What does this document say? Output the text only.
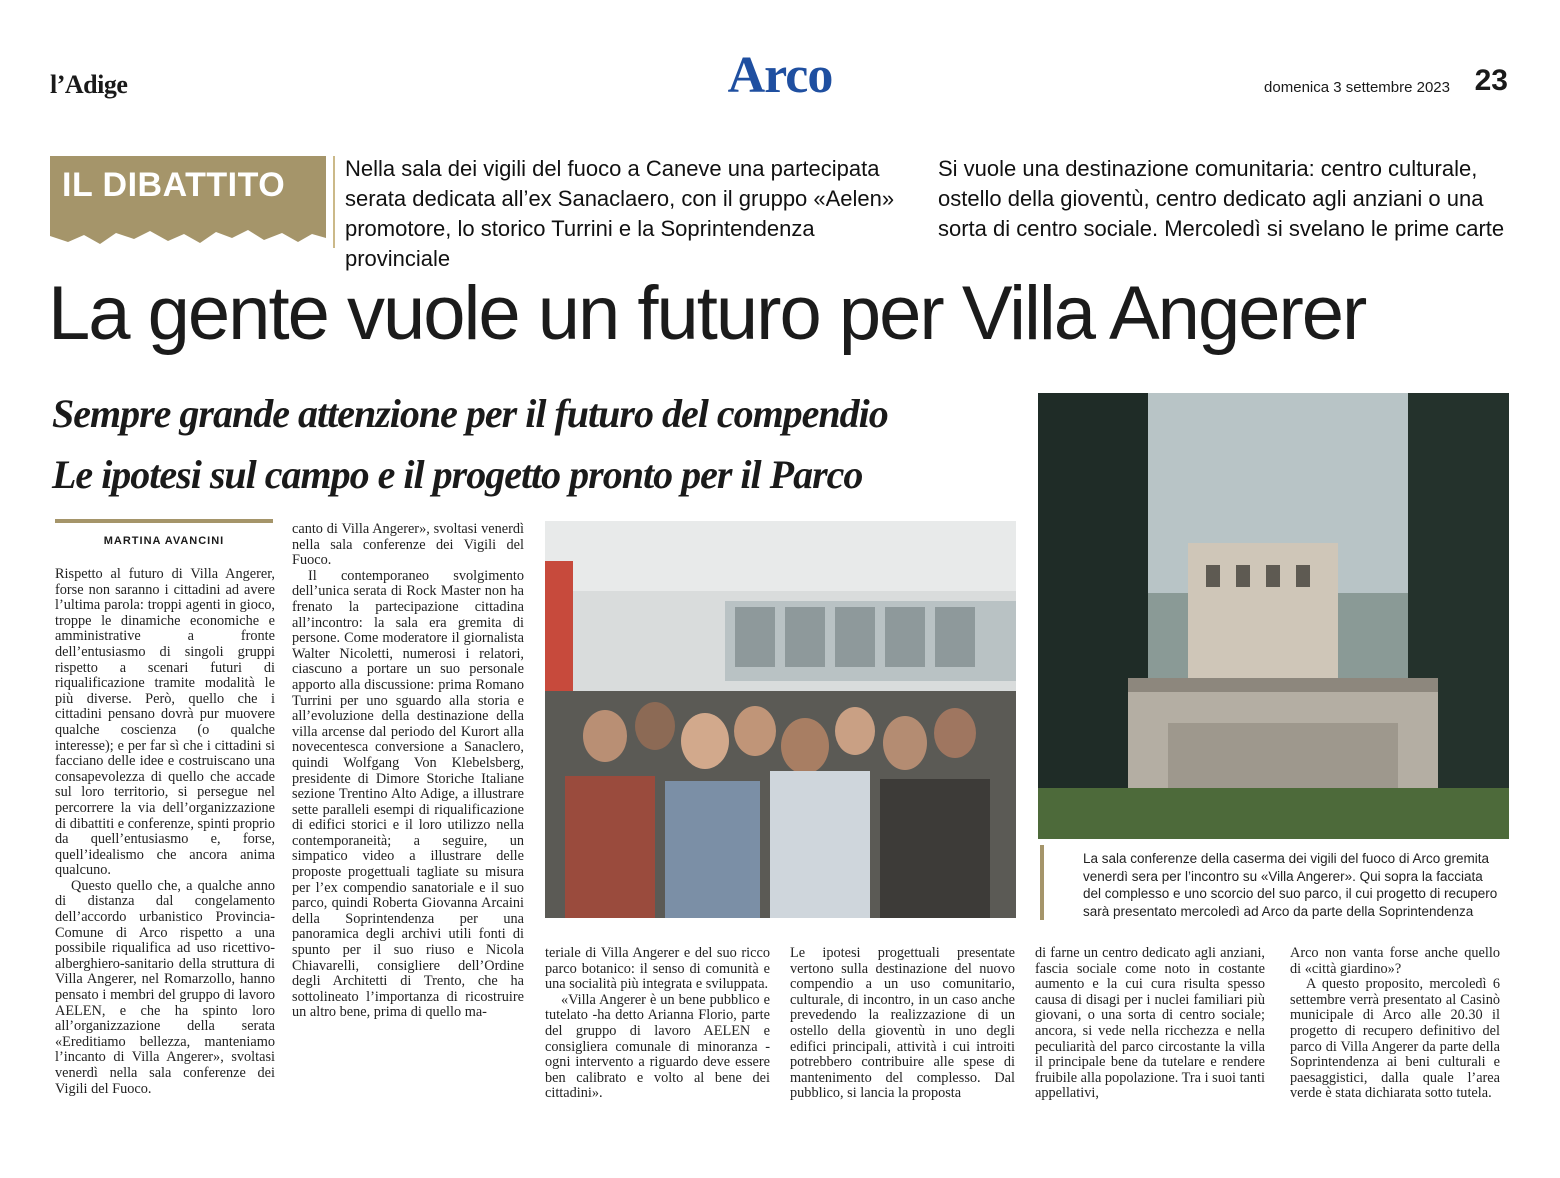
l’Adige	Arco	domenica 3 settembre 2023 23
IL DIBATTITO	Nella sala dei vigili del fuoco a Caneve una partecipata serata dedicata all’ex Sanaclaero, con il gruppo «Aelen» promotore, lo storico Turrini e la Soprintendenza provinciale
Si vuole una destinazione comunitaria: centro culturale, ostello della gioventù, centro dedicato agli anziani o una sorta di centro sociale. Mercoledì si svelano le prime carte
La gente vuole un futuro per Villa Angerer
Sempre grande attenzione per il futuro del compendio
Le ipotesi sul campo e il progetto pronto per il Parco
MARTINA AVANCINI

Rispetto al futuro di Villa Angerer, forse non saranno i cittadini ad avere l’ultima parola: troppi agenti in gioco, troppe le dinamiche economiche e amministrative a fronte dell’entusiasmo di singoli gruppi rispetto a scenari futuri di riqualificazione tramite modalità le più diverse. Però, quello che i cittadini pensano dovrà pur muovere qualche coscienza (o qualche interesse); e per far sì che i cittadini si facciano delle idee e costruiscano una consapevolezza di quello che accade sul loro territorio, si persegue nel percorrere la via dell’organizzazione di dibattiti e conferenze, spinti proprio da quell’entusiasmo e, forse, quell’idealismo che ancora anima qualcuno.

Questo quello che, a qualche anno di distanza dal congelamento dell’accordo urbanistico Provincia-Comune di Arco rispetto a una possibile riqualifica ad uso ricettivo-alberghiero-sanitario della struttura di Villa Angerer, nel Romarzollo, hanno pensato i membri del gruppo di lavoro AELEN, e che ha spinto loro all’organizzazione della serata «Ereditiamo bellezza, manteniamo l’incanto di Villa Angerer», svoltasi venerdì nella sala conferenze dei Vigili del Fuoco.

canto di Villa Angerer», svoltasi venerdì nella sala conferenze dei Vigili del Fuoco.

Il contemporaneo svolgimento dell’unica serata di Rock Master non ha frenato la partecipazione cittadina all’incontro: la sala era gremita di persone. Come moderatore il giornalista Walter Nicoletti, numerosi i relatori, ciascuno a portare un suo personale apporto alla discussione: prima Romano Turrini per uno sguardo alla storia e all’evoluzione della destinazione della villa arcense dal periodo del Kurort alla novecentesca conversione a Sanaclero, quindi Wolfgang Von Klebelsberg, presidente di Dimore Storiche Italiane sezione Trentino Alto Adige, a illustrare sette paralleli esempi di riqualificazione di edifici storici e il loro utilizzo nella contemporaneità; a seguire, un simpatico video a illustrare delle proposte progettuali tagliate su misura per l’ex compendio sanatoriale e il suo parco, quindi Roberta Giovanna Arcaini della Soprintendenza per una panoramica degli archivi utili fonti di spunto per il suo riuso e Nicola Chiavarelli, consigliere dell’Ordine degli Architetti di Trento, che ha sottolineato l’importanza di ricostruire un altro bene, prima di quello ma-

teriale di Villa Angerer e del suo ricco parco botanico: il senso di comunità e una socialità più integrata e sviluppata.

«Villa Angerer è un bene pubblico e tutelato -ha detto Arianna Florio, parte del gruppo di lavoro AELEN e consigliera comunale di minoranza - ogni intervento a riguardo deve essere ben calibrato e volto al bene dei cittadini».

Le ipotesi progettuali presentate vertono sulla destinazione del nuovo compendio a un uso comunitario, culturale, di incontro, in un caso anche prevedendo la realizzazione di un ostello della gioventù in uno degli edifici principali, attività i cui introiti potrebbero contribuire alle spese di mantenimento del complesso. Dal pubblico, si lancia la proposta

di farne un centro dedicato agli anziani, fascia sociale come noto in costante aumento e la cui cura risulta spesso causa di disagi per i nuclei familiari più giovani, o una sorta di centro sociale; ancora, si vede nella ricchezza e nella peculiarità del parco circostante la villa il principale bene da tutelare e rendere fruibile alla popolazione. Tra i suoi tanti appellativi,

Arco non vanta forse anche quello di «città giardino»?

A questo proposito, mercoledì 6 settembre verrà presentato al Casinò municipale di Arco alle 20.30 il progetto di recupero definitivo del parco di Villa Angerer da parte della Soprintendenza ai beni culturali e paesaggistici, dalla quale l’area verde è stata dichiarata sotto tutela.

La sala conferenze della caserma dei vigili del fuoco di Arco gremita venerdì sera per l’incontro su «Villa Angerer». Qui sopra la facciata del complesso e uno scorcio del suo parco, il cui progetto di recupero sarà presentato mercoledì ad Arco da parte della Soprintendenza
